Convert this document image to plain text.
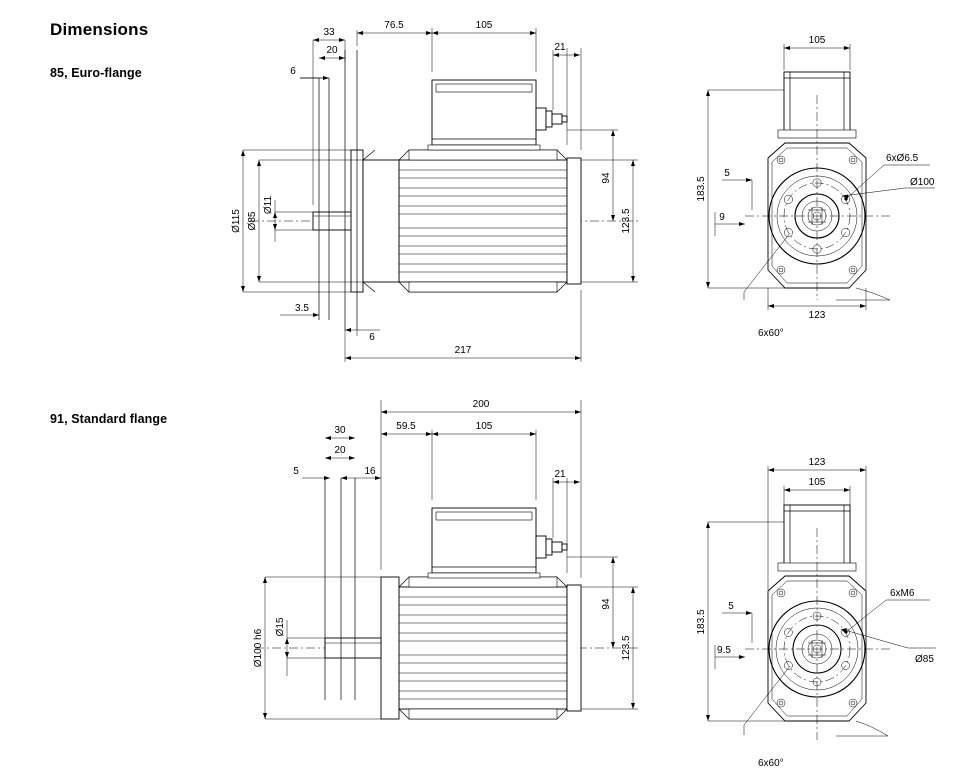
Dimensions
85, Euro-flange
91, Standard flange
33
20
6
76.5	105
21
94
123.5
Ø115 Ø85
Ø11
3.5
6
217
105
183.5
5
9
123
6xØ6.5
Ø100
6x60°
200
30
20
5	16
59.5	105
21
94
123.5
Ø100 h6
Ø15
123
105
183.5
5
9.5
6xM6
Ø85
6x60°
